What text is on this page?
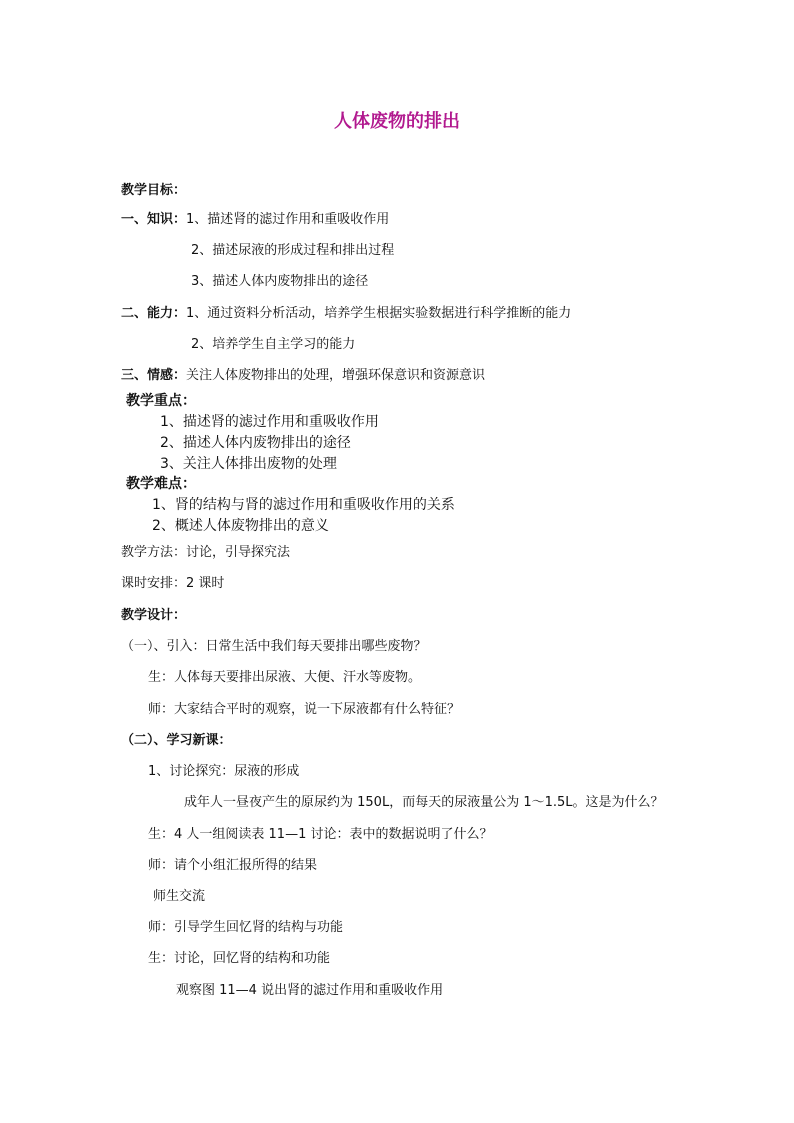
人体废物的排出
教学目标：
一、知识：1、描述肾的滤过作用和重吸收作用
2、描述尿液的形成过程和排出过程
3、描述人体内废物排出的途径
二、能力：1、通过资料分析活动，培养学生根据实验数据进行科学推断的能力
2、培养学生自主学习的能力
三、情感：关注人体废物排出的处理，增强环保意识和资源意识
教学重点：
1、描述肾的滤过作用和重吸收作用
2、描述人体内废物排出的途径
3、关注人体排出废物的处理
教学难点：
1、肾的结构与肾的滤过作用和重吸收作用的关系
2、概述人体废物排出的意义
教学方法：讨论，引导探究法
课时安排：2 课时
教学设计：
（一）、引入：日常生活中我们每天要排出哪些废物？
生：人体每天要排出尿液、大便、汗水等废物。
师：大家结合平时的观察，说一下尿液都有什么特征？
（二）、学习新课：
1、讨论探究：尿液的形成
成年人一昼夜产生的原尿约为 150L，而每天的尿液量公为 1～1.5L。这是为什么？
生：4 人一组阅读表 11—1 讨论：表中的数据说明了什么？
师：请个小组汇报所得的结果
师生交流
师：引导学生回忆肾的结构与功能
生：讨论，回忆肾的结构和功能
观察图 11—4 说出肾的滤过作用和重吸收作用
